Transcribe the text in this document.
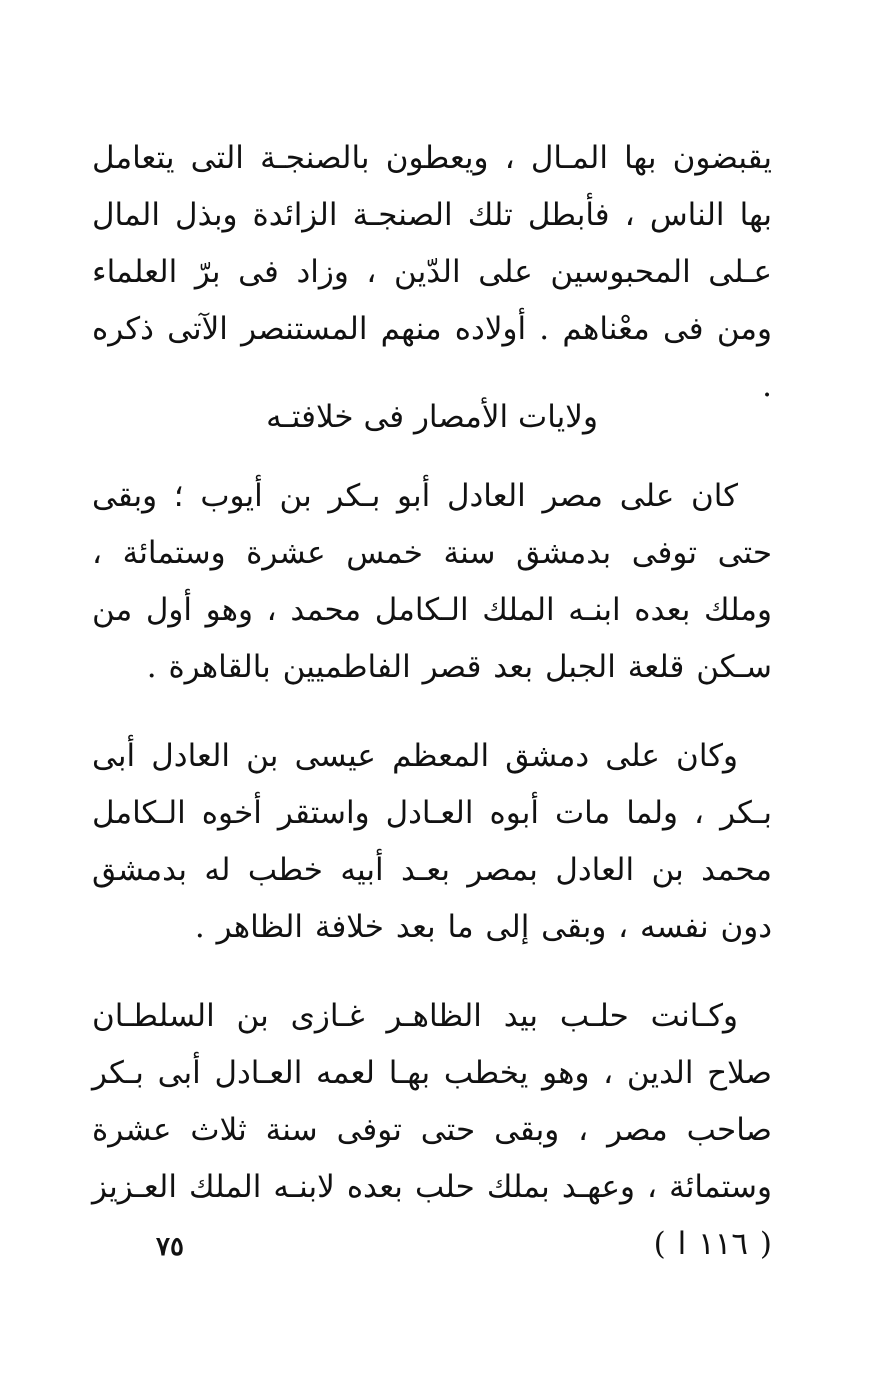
يقبضون بها المـال ، ويعطون بالصنجـة التى يتعامل بها الناس ، فأبطل تلك الصنجـة الزائدة وبذل المال عـلى المحبوسين على الدّين ، وزاد فى برّ العلماء ومن فى معْناهم . أولاده منهم المستنصر الآتى ذكره .

ولايات الأمصار فى خلافتـه

كان على مصر العادل أبو بـكر بن أيوب ؛ وبقى حتى توفى بدمشق سنة خمس عشرة وستمائة ، وملك بعده ابنـه الملك الـكامل محمد ، وهو أول من سـكن قلعة الجبل بعد قصر الفاطميين بالقاهرة .

وكان على دمشق المعظم عيسى بن العادل أبى بـكر ، ولما مات أبوه العـادل واستقر أخوه الـكامل محمد بن العادل بمصر بعـد أبيه خطب له بدمشق دون نفسه ، وبقى إلى ما بعد خلافة الظاهر .

وكـانت حلـب بيد الظاهـر غـازى بن السلطـان صلاح الدين ، وهو يخطب بهـا لعمه العـادل أبى بـكر صاحب مصر ، وبقى حتى توفى سنة ثلاث عشرة وستمائة ، وعهـد بملك حلب بعده لابنـه الملك العـزيز ( ١١٦ ا )

٧٥
